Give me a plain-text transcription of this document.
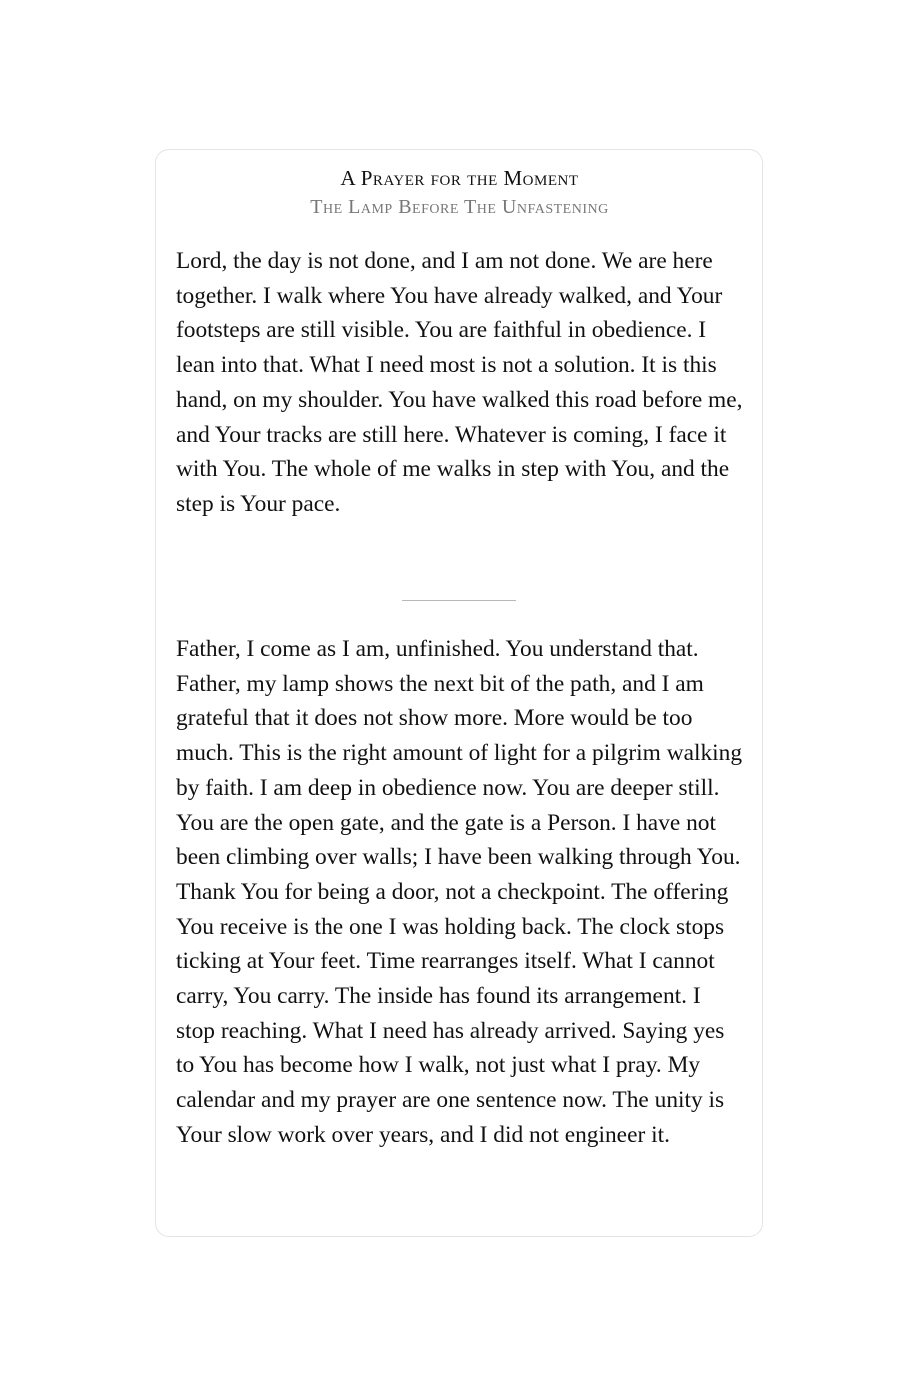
A Prayer for the Moment
The Lamp Before The Unfastening
Lord, the day is not done, and I am not done. We are here together. I walk where You have already walked, and Your footsteps are still visible. You are faithful in obedience. I lean into that. What I need most is not a solution. It is this hand, on my shoulder. You have walked this road before me, and Your tracks are still here. Whatever is coming, I face it with You. The whole of me walks in step with You, and the step is Your pace.
Father, I come as I am, unfinished. You understand that. Father, my lamp shows the next bit of the path, and I am grateful that it does not show more. More would be too much. This is the right amount of light for a pilgrim walking by faith. I am deep in obedience now. You are deeper still. You are the open gate, and the gate is a Person. I have not been climbing over walls; I have been walking through You. Thank You for being a door, not a checkpoint. The offering You receive is the one I was holding back. The clock stops ticking at Your feet. Time rearranges itself. What I cannot carry, You carry. The inside has found its arrangement. I stop reaching. What I need has already arrived. Saying yes to You has become how I walk, not just what I pray. My calendar and my prayer are one sentence now. The unity is Your slow work over years, and I did not engineer it.
